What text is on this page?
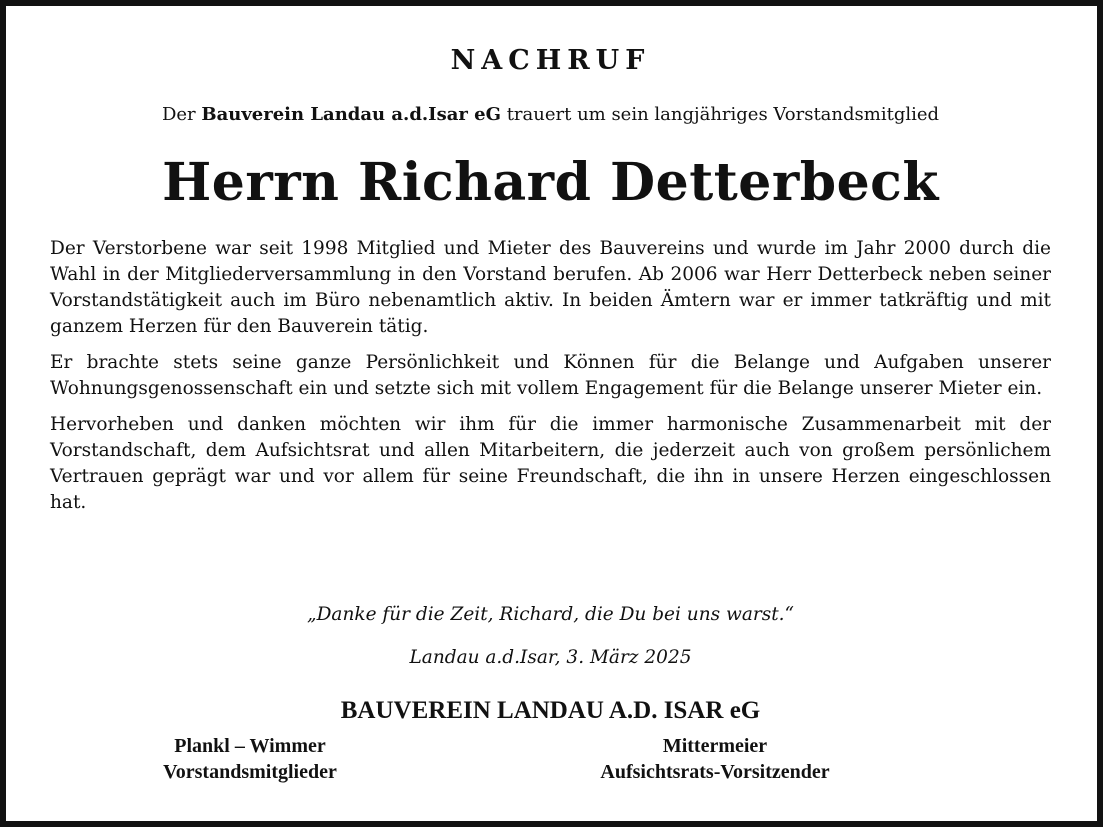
NACHRUF
Der Bauverein Landau a.d.Isar eG trauert um sein langjähriges Vorstandsmitglied
Herrn Richard Detterbeck

Der Verstorbene war seit 1998 Mitglied und Mieter des Bauvereins und wurde im Jahr 2000 durch die Wahl in der Mitgliederversammlung in den Vorstand berufen. Ab 2006 war Herr Detterbeck neben seiner Vorstandstätigkeit auch im Büro nebenamtlich aktiv. In beiden Ämtern war er immer tatkräftig und mit ganzem Herzen für den Bauverein tätig.

Er brachte stets seine ganze Persönlichkeit und Können für die Belange und Aufgaben unserer Wohnungsgenossenschaft ein und setzte sich mit vollem Engagement für die Belange unserer Mieter ein.

Hervorheben und danken möchten wir ihm für die immer harmonische Zusammenarbeit mit der Vorstandschaft, dem Aufsichtsrat und allen Mitarbeitern, die jederzeit auch von großem persönlichem Vertrauen geprägt war und vor allem für seine Freundschaft, die ihn in unsere Herzen eingeschlossen hat.

„Danke für die Zeit, Richard, die Du bei uns warst.“
Landau a.d.Isar, 3. März 2025
BAUVEREIN LANDAU A.D. ISAR eG
Plankl – Wimmer
Vorstandsmitglieder
Mittermeier
Aufsichtsrats-Vorsitzender
